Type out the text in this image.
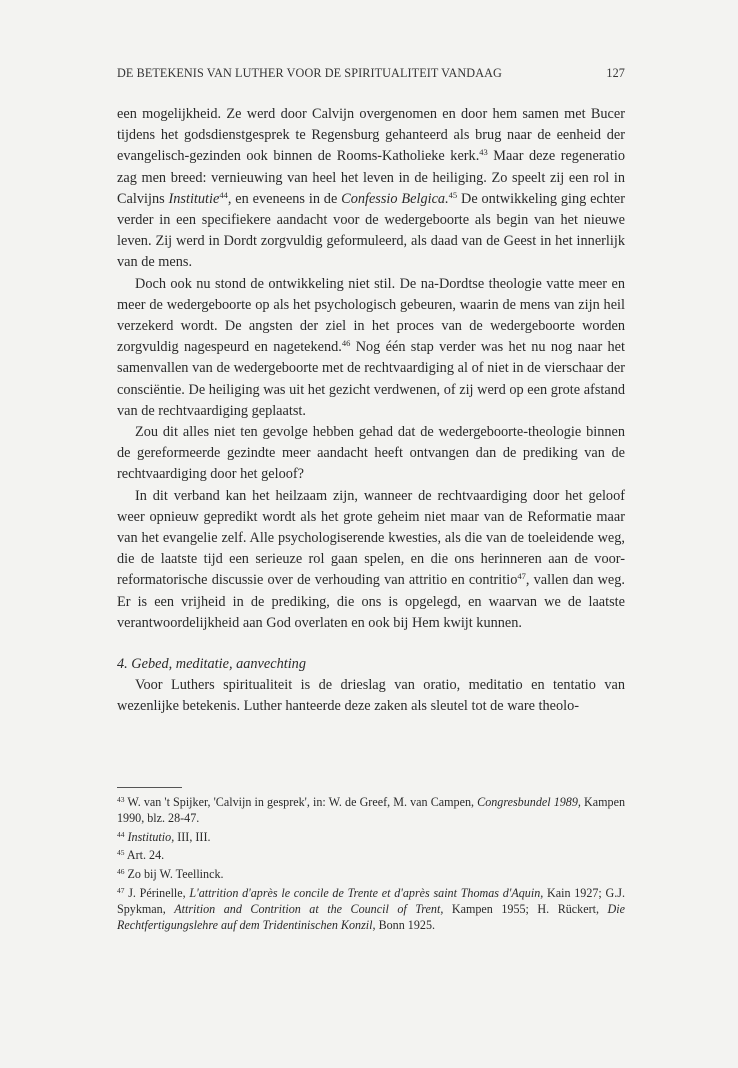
DE BETEKENIS VAN LUTHER VOOR DE SPIRITUALITEIT VANDAAG	127

een mogelijkheid. Ze werd door Calvijn overgenomen en door hem samen met Bucer tijdens het godsdienstgesprek te Regensburg gehanteerd als brug naar de eenheid der evangelisch-gezinden ook binnen de Rooms-Katholieke kerk.$^{43}$ Maar deze regeneratio zag men breed: vernieuwing van heel het leven in de heiliging. Zo speelt zij een rol in Calvijns Institutie$^{44}$, en eveneens in de Confessio Belgica.$^{45}$ De ontwikkeling ging echter verder in een specifiekere aandacht voor de wedergeboorte als begin van het nieuwe leven. Zij werd in Dordt zorgvuldig geformuleerd, als daad van de Geest in het innerlijk van de mens.

Doch ook nu stond de ontwikkeling niet stil. De na-Dordtse theologie vatte meer en meer de wedergeboorte op als het psychologisch gebeuren, waarin de mens van zijn heil verzekerd wordt. De angsten der ziel in het proces van de wedergeboorte worden zorgvuldig nagespeurd en nagetekend.$^{46}$ Nog één stap verder was het nu nog naar het samenvallen van de wedergeboorte met de rechtvaardiging al of niet in de vierschaar der consciëntie. De heiliging was uit het gezicht verdwenen, of zij werd op een grote afstand van de rechtvaardiging geplaatst.

Zou dit alles niet ten gevolge hebben gehad dat de wedergeboorte-theologie binnen de gereformeerde gezindte meer aandacht heeft ontvangen dan de prediking van de rechtvaardiging door het geloof?

In dit verband kan het heilzaam zijn, wanneer de rechtvaardiging door het geloof weer opnieuw gepredikt wordt als het grote geheim niet maar van de Reformatie maar van het evangelie zelf. Alle psychologiserende kwesties, als die van de toeleidende weg, die de laatste tijd een serieuze rol gaan spelen, en die ons herinneren aan de voor-reformatorische discussie over de verhouding van attritio en contritio$^{47}$, vallen dan weg. Er is een vrijheid in de prediking, die ons is opgelegd, en waarvan we de laatste verantwoordelijkheid aan God overlaten en ook bij Hem kwijt kunnen.

4. Gebed, meditatie, aanvechting

Voor Luthers spiritualiteit is de drieslag van oratio, meditatio en tentatio van wezenlijke betekenis. Luther hanteerde deze zaken als sleutel tot de ware theolo-

$^{43}$ W. van 't Spijker, 'Calvijn in gesprek', in: W. de Greef, M. van Campen, Congresbundel 1989, Kampen 1990, blz. 28-47.

$^{44}$ Institutio, III, III.

$^{45}$ Art. 24.

$^{46}$ Zo bij W. Teellinck.

$^{47}$ J. Périnelle, L'attrition d'après le concile de Trente et d'après saint Thomas d'Aquin, Kain 1927; G.J. Spykman, Attrition and Contrition at the Council of Trent, Kampen 1955; H. Rückert, Die Rechtfertigungslehre auf dem Tridentinischen Konzil, Bonn 1925.
